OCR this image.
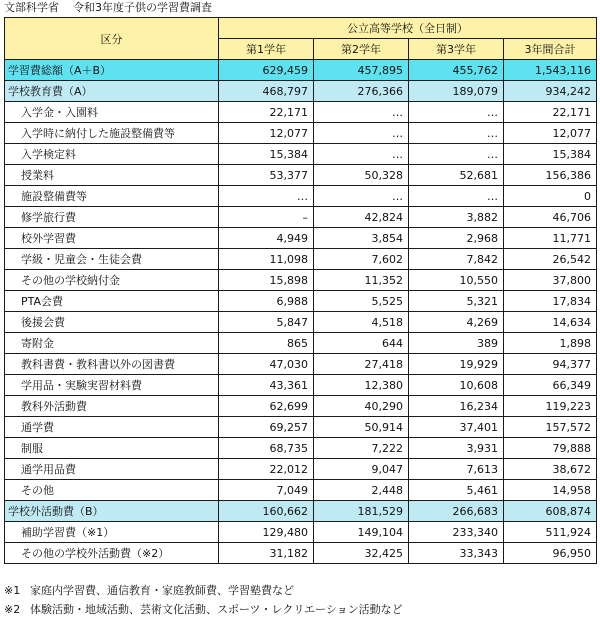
文部科学省 令和3年度子供の学習費調査
区分	公立高等学校（全日制）			
	第1学年	第2学年	第3学年	3年間合計
学習費総額（A＋B）	629,459	457,895	455,762	1,543,116
学校教育費（A）	468,797	276,366	189,079	934,242
入学金・入園料	22,171	…	…	22,171
入学時に納付した施設整備費等	12,077	…	…	12,077
入学検定料	15,384	…	…	15,384
授業料	53,377	50,328	52,681	156,386
施設整備費等	…	…	…	0
修学旅行費	–	42,824	3,882	46,706
校外学習費	4,949	3,854	2,968	11,771
学級・児童会・生徒会費	11,098	7,602	7,842	26,542
その他の学校納付金	15,898	11,352	10,550	37,800
PTA会費	6,988	5,525	5,321	17,834
後援会費	5,847	4,518	4,269	14,634
寄附金	865	644	389	1,898
教科書費・教科書以外の図書費	47,030	27,418	19,929	94,377
学用品・実験実習材料費	43,361	12,380	10,608	66,349
教科外活動費	62,699	40,290	16,234	119,223
通学費	69,257	50,914	37,401	157,572
制服	68,735	7,222	3,931	79,888
通学用品費	22,012	9,047	7,613	38,672
その他	7,049	2,448	5,461	14,958
学校外活動費（B）	160,662	181,529	266,683	608,874
補助学習費（※1）	129,480	149,104	233,340	511,924
その他の学校外活動費（※2）	31,182	32,425	33,343	96,950
※1 家庭内学習費、通信教育・家庭教師費、学習塾費など
※2 体験活動・地域活動、芸術文化活動、スポーツ・レクリエーション活動など
